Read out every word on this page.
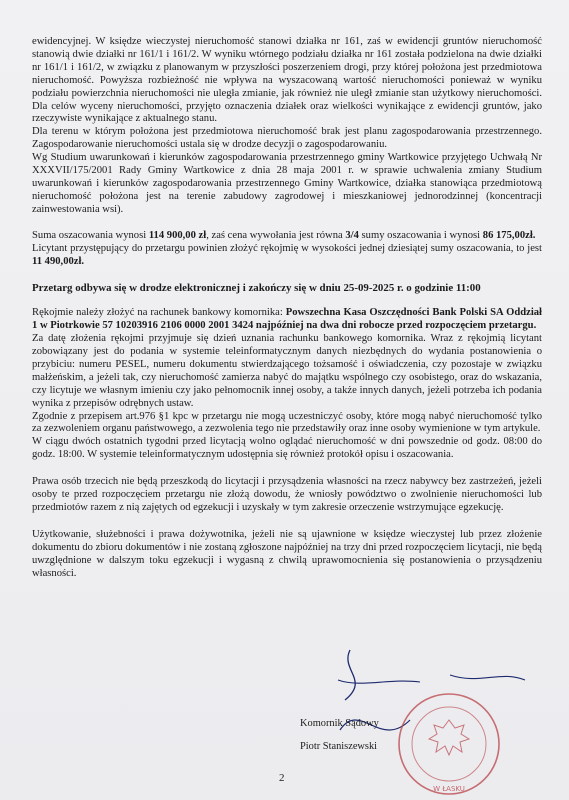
ewidencyjnej. W księdze wieczystej nieruchomość stanowi działka nr 161, zaś w ewidencji gruntów nieruchomość stanowią dwie działki nr 161/1 i 161/2. W wyniku wtórnego podziału działka nr 161 została podzielona na dwie działki nr 161/1 i 161/2, w związku z planowanym w przyszłości poszerzeniem drogi, przy której położona jest przedmiotowa nieruchomość. Powyższa rozbieżność nie wpływa na wyszacowaną wartość nieruchomości ponieważ w wyniku podziału powierzchnia nieruchomości nie uległa zmianie, jak również nie uległ zmianie stan użytkowy nieruchomości. Dla celów wyceny nieruchomości, przyjęto oznaczenia działek oraz wielkości wynikające z ewidencji gruntów, jako rzeczywiste wynikające z aktualnego stanu.

Dla terenu w którym położona jest przedmiotowa nieruchomość brak jest planu zagospodarowania przestrzennego. Zagospodarowanie nieruchomości ustala się w drodze decyzji o zagospodarowaniu.

Wg Studium uwarunkowań i kierunków zagospodarowania przestrzennego gminy Wartkowice przyjętego Uchwałą Nr XXXVII/175/2001 Rady Gminy Wartkowice z dnia 28 maja 2001 r. w sprawie uchwalenia zmiany Studium uwarunkowań i kierunków zagospodarowania przestrzennego Gminy Wartkowice, działka stanowiąca przedmiotową nieruchomość położona jest na terenie zabudowy zagrodowej i mieszkaniowej jednorodzinnej (koncentracji zainwestowania wsi).

Suma oszacowania wynosi 114 900,00 zł, zaś cena wywołania jest równa 3/4 sumy oszacowania i wynosi 86 175,00zł.

Licytant przystępujący do przetargu powinien złożyć rękojmię w wysokości jednej dziesiątej sumy oszacowania, to jest 11 490,00zł.

Przetarg odbywa się w drodze elektronicznej i zakończy się w dniu 25-09-2025 r. o godzinie 11:00

Rękojmie należy złożyć na rachunek bankowy komornika: Powszechna Kasa Oszczędności Bank Polski SA Oddział 1 w Piotrkowie 57 10203916 2106 0000 2001 3424 najpóźniej na dwa dni robocze przed rozpoczęciem przetargu.

Za datę złożenia rękojmi przyjmuje się dzień uznania rachunku bankowego komornika. Wraz z rękojmią licytant zobowiązany jest do podania w systemie teleinformatycznym danych niezbędnych do wydania postanowienia o przybiciu: numeru PESEL, numeru dokumentu stwierdzającego tożsamość i oświadczenia, czy pozostaje w związku małżeńskim, a jeżeli tak, czy nieruchomość zamierza nabyć do majątku wspólnego czy osobistego, oraz do wskazania, czy licytuje we własnym imieniu czy jako pełnomocnik innej osoby, a także innych danych, jeżeli potrzeba ich podania wynika z przepisów odrębnych ustaw.

Zgodnie z przepisem art.976 §1 kpc w przetargu nie mogą uczestniczyć osoby, które mogą nabyć nieruchomość tylko za zezwoleniem organu państwowego, a zezwolenia tego nie przedstawiły oraz inne osoby wymienione w tym artykule.

W ciągu dwóch ostatnich tygodni przed licytacją wolno oglądać nieruchomość w dni powszednie od godz. 08:00 do godz. 18:00. W systemie teleinformatycznym udostępnia się również protokół opisu i oszacowania.

Prawa osób trzecich nie będą przeszkodą do licytacji i przysądzenia własności na rzecz nabywcy bez zastrzeżeń, jeżeli osoby te przed rozpoczęciem przetargu nie złożą dowodu, że wniosły powództwo o zwolnienie nieruchomości lub przedmiotów razem z nią zajętych od egzekucji i uzyskały w tym zakresie orzeczenie wstrzymujące egzekucję.

Użytkowanie, służebności i prawa dożywotnika, jeżeli nie są ujawnione w księdze wieczystej lub przez złożenie dokumentu do zbioru dokumentów i nie zostaną zgłoszone najpóźniej na trzy dni przed rozpoczęciem licytacji, nie będą uwzględnione w dalszym toku egzekucji i wygasną z chwilą uprawomocnienia się postanowienia o przysądzeniu własności.

Komornik Sądowy
Piotr Staniszewski
W ŁASKU
2
